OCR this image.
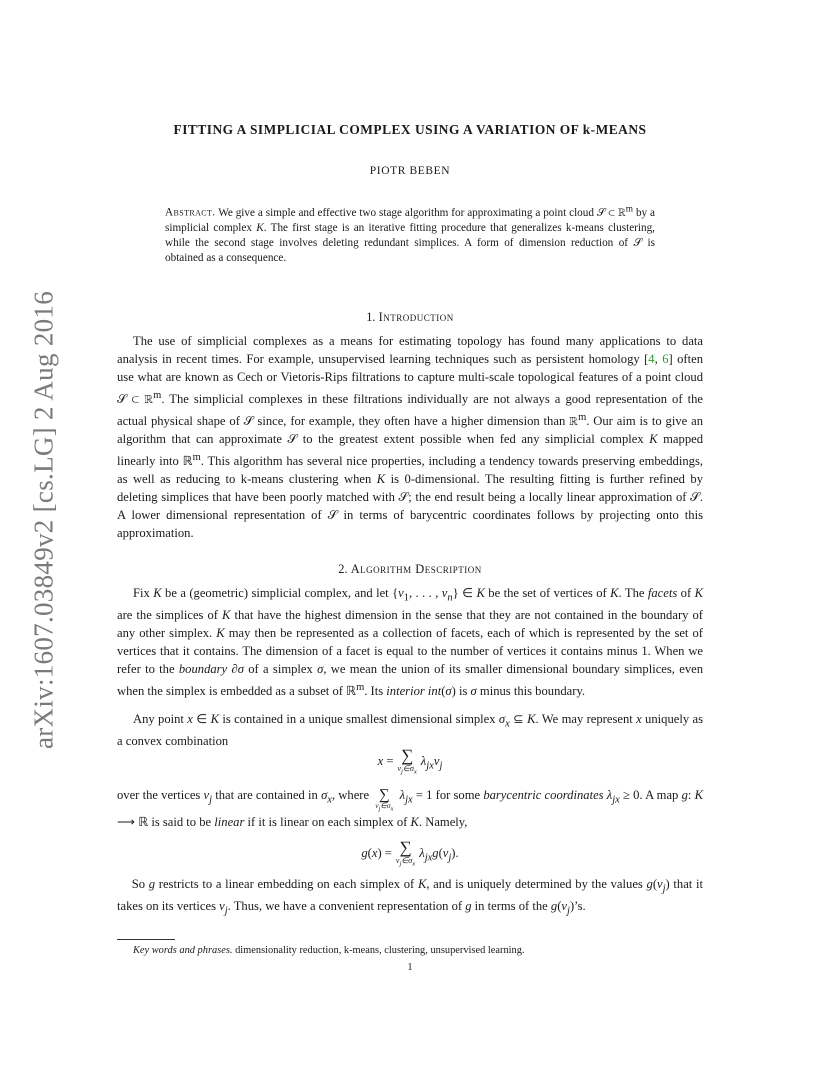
arXiv:1607.03849v2 [cs.LG] 2 Aug 2016
FITTING A SIMPLICIAL COMPLEX USING A VARIATION OF k-MEANS
PIOTR BEBEN
Abstract. We give a simple and effective two stage algorithm for approximating a point cloud 𝒮 ⊂ ℝ$^m$ by a simplicial complex K. The first stage is an iterative fitting procedure that generalizes k-means clustering, while the second stage involves deleting redundant simplices. A form of dimension reduction of 𝒮 is obtained as a consequence.
1. Introduction
The use of simplicial complexes as a means for estimating topology has found many applications to data analysis in recent times. For example, unsupervised learning techniques such as persistent homology [4, 6] often use what are known as Cech or Vietoris-Rips filtrations to capture multi-scale topological features of a point cloud 𝒮 ⊂ ℝ$^m$. The simplicial complexes in these filtrations individually are not always a good representation of the actual physical shape of 𝒮 since, for example, they often have a higher dimension than ℝ$^m$. Our aim is to give an algorithm that can approximate 𝒮 to the greatest extent possible when fed any simplicial complex K mapped linearly into ℝ$^m$. This algorithm has several nice properties, including a tendency towards preserving embeddings, as well as reducing to k-means clustering when K is 0-dimensional. The resulting fitting is further refined by deleting simplices that have been poorly matched with 𝒮; the end result being a locally linear approximation of 𝒮. A lower dimensional representation of 𝒮 in terms of barycentric coordinates follows by projecting onto this approximation.
2. Algorithm Description
Fix K be a (geometric) simplicial complex, and let {$v_1$, . . . , $v_n$} ∈ K be the set of vertices of K. The facets of K are the simplices of K that have the highest dimension in the sense that they are not contained in the boundary of any other simplex. K may then be represented as a collection of facets, each of which is represented by the set of vertices that it contains. The dimension of a facet is equal to the number of vertices it contains minus 1. When we refer to the boundary ∂σ of a simplex σ, we mean the union of its smaller dimensional boundary simplices, even when the simplex is embedded as a subset of ℝ$^m$. Its interior int(σ) is σ minus this boundary.
Any point x ∈ K is contained in a unique smallest dimensional simplex $\sigma_x$ ⊆ K. We may represent x uniquely as a convex combination
x = ∑
$v_j\in\sigma_x$
$\lambda_{jx}v_j$
over the vertices $v_j$ that are contained in $\sigma_x$, where ∑
$v_j\in\sigma_x$
$\lambda_{jx} = 1$ for some barycentric coordinates $\lambda_{jx} \ge 0$. A map g: K ⟶ ℝ is said to be linear if it is linear on each simplex of K. Namely,
g(x) = ∑
$v_j\in\sigma_x$
$\lambda_{jx}g(v_j)$.
So g restricts to a linear embedding on each simplex of K, and is uniquely determined by the values $g(v_j)$ that it takes on its vertices $v_j$. Thus, we have a convenient representation of g in terms of the $g(v_j)’s$.
Key words and phrases. dimensionality reduction, k-means, clustering, unsupervised learning.
1
